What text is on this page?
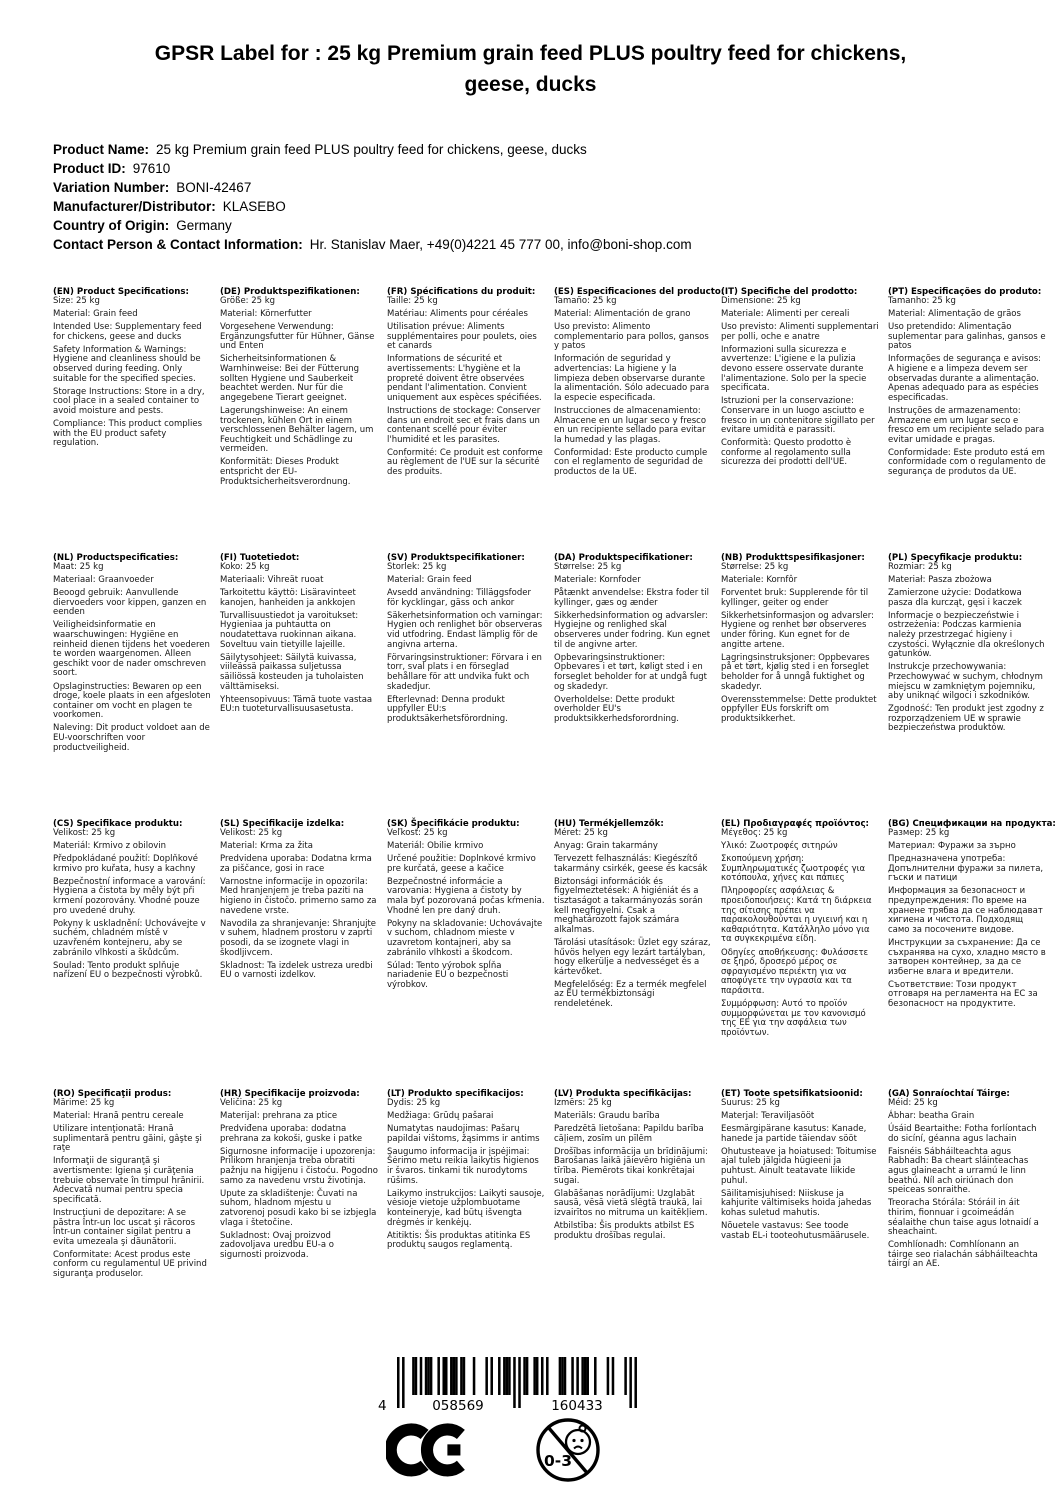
GPSR Label for : 25 kg Premium grain feed PLUS poultry feed for chickens, geese, ducks
Product Name: 25 kg Premium grain feed PLUS poultry feed for chickens, geese, ducks
Product ID: 97610
Variation Number: BONI-42467
Manufacturer/Distributor: KLASEBO
Country of Origin: Germany
Contact Person & Contact Information: Hr. Stanislav Maer, +49(0)4221 45 777 00, info@boni-shop.com
(EN) Product Specifications:

Size: 25 kg

Material: Grain feed

Intended Use: Supplementary feed for chickens, geese and ducks

Safety Information & Warnings: Hygiene and cleanliness should be observed during feeding. Only suitable for the specified species.

Storage Instructions: Store in a dry, cool place in a sealed container to avoid moisture and pests.

Compliance: This product complies with the EU product safety regulation.

(DE) Produktspezifikationen:

Größe: 25 kg

Material: Körnerfutter

Vorgesehene Verwendung: Ergänzungsfutter für Hühner, Gänse und Enten

Sicherheitsinformationen & Warnhinweise: Bei der Fütterung sollten Hygiene und Sauberkeit beachtet werden. Nur für die angegebene Tierart geeignet.

Lagerungshinweise: An einem trockenen, kühlen Ort in einem verschlossenen Behälter lagern, um Feuchtigkeit und Schädlinge zu vermeiden.

Konformität: Dieses Produkt entspricht der EU-Produktsicherheitsverordnung.

(FR) Spécifications du produit:

Taille: 25 kg

Matériau: Aliments pour céréales

Utilisation prévue: Aliments supplémentaires pour poulets, oies et canards

Informations de sécurité et avertissements: L'hygiène et la propreté doivent être observées pendant l'alimentation. Convient uniquement aux espèces spécifiées.

Instructions de stockage: Conserver dans un endroit sec et frais dans un contenant scellé pour éviter l'humidité et les parasites.

Conformité: Ce produit est conforme au règlement de l'UE sur la sécurité des produits.

(ES) Especificaciones del producto:

Tamaño: 25 kg

Material: Alimentación de grano

Uso previsto: Alimento complementario para pollos, gansos y patos

Información de seguridad y advertencias: La higiene y la limpieza deben observarse durante la alimentación. Sólo adecuado para la especie especificada.

Instrucciones de almacenamiento: Almacene en un lugar seco y fresco en un recipiente sellado para evitar la humedad y las plagas.

Conformidad: Este producto cumple con el reglamento de seguridad de productos de la UE.

(IT) Specifiche del prodotto:

Dimensione: 25 kg

Materiale: Alimenti per cereali

Uso previsto: Alimenti supplementari per polli, oche e anatre

Informazioni sulla sicurezza e avvertenze: L'igiene e la pulizia devono essere osservate durante l'alimentazione. Solo per la specie specificata.

Istruzioni per la conservazione: Conservare in un luogo asciutto e fresco in un contenitore sigillato per evitare umidità e parassiti.

Conformità: Questo prodotto è conforme al regolamento sulla sicurezza dei prodotti dell'UE.

(PT) Especificações do produto:

Tamanho: 25 kg

Material: Alimentação de grãos

Uso pretendido: Alimentação suplementar para galinhas, gansos e patos

Informações de segurança e avisos: A higiene e a limpeza devem ser observadas durante a alimentação. Apenas adequado para as espécies especificadas.

Instruções de armazenamento: Armazene em um lugar seco e fresco em um recipiente selado para evitar umidade e pragas.

Conformidade: Este produto está em conformidade com o regulamento de segurança de produtos da UE.

(NL) Productspecificaties:

Maat: 25 kg

Materiaal: Graanvoeder

Beoogd gebruik: Aanvullende diervoeders voor kippen, ganzen en eenden

Veiligheidsinformatie en waarschuwingen: Hygiëne en reinheid dienen tijdens het voederen te worden waargenomen. Alleen geschikt voor de nader omschreven soort.

Opslaginstructies: Bewaren op een droge, koele plaats in een afgesloten container om vocht en plagen te voorkomen.

Naleving: Dit product voldoet aan de EU-voorschriften voor productveiligheid.

(FI) Tuotetiedot:

Koko: 25 kg

Materiaali: Vihreät ruoat

Tarkoitettu käyttö: Lisäravinteet kanojen, hanheiden ja ankkojen

Turvallisuustiedot ja varoitukset: Hygieniaa ja puhtautta on noudatettava ruokinnan aikana. Soveltuu vain tietyille lajeille.

Säilytysohjeet: Säilytä kuivassa, viileässä paikassa suljetussa säiliössä kosteuden ja tuholaisten välttämiseksi.

Yhteensopivuus: Tämä tuote vastaa EU:n tuoteturvallisuusasetusta.

(SV) Produktspecifikationer:

Storlek: 25 kg

Material: Grain feed

Avsedd användning: Tilläggsfoder för kycklingar, gäss och ankor

Säkerhetsinformation och varningar: Hygien och renlighet bör observeras vid utfodring. Endast lämplig för de angivna arterna.

Förvaringsinstruktioner: Förvara i en torr, sval plats i en förseglad behållare för att undvika fukt och skadedjur.

Efterlevnad: Denna produkt uppfyller EU:s produktsäkerhetsförordning.

(DA) Produktspecifikationer:

Størrelse: 25 kg

Materiale: Kornfoder

Påtænkt anvendelse: Ekstra foder til kyllinger, gæs og ænder

Sikkerhedsinformation og advarsler: Hygiejne og renlighed skal observeres under fodring. Kun egnet til de angivne arter.

Opbevaringsinstruktioner: Opbevares i et tørt, køligt sted i en forseglet beholder for at undgå fugt og skadedyr.

Overholdelse: Dette produkt overholder EU's produktsikkerhedsforordning.

(NB) Produkttspesifikasjoner:

Størrelse: 25 kg

Materiale: Kornfôr

Forventet bruk: Supplerende fôr til kyllinger, geiter og ender

Sikkerhetsinformasjon og advarsler: Hygiene og renhet bør observeres under fôring. Kun egnet for de angitte artene.

Lagringsinstruksjoner: Oppbevares på et tørt, kjølig sted i en forseglet beholder for å unngå fuktighet og skadedyr.

Overensstemmelse: Dette produktet oppfyller EUs forskrift om produktsikkerhet.

(PL) Specyfikacje produktu:

Rozmiar: 25 kg

Materiał: Pasza zbożowa

Zamierzone użycie: Dodatkowa pasza dla kurcząt, gęsi i kaczek

Informacje o bezpieczeństwie i ostrzeżenia: Podczas karmienia należy przestrzegać higieny i czystości. Wyłącznie dla określonych gatunków.

Instrukcje przechowywania: Przechowywać w suchym, chłodnym miejscu w zamkniętym pojemniku, aby uniknąć wilgoci i szkodników.

Zgodność: Ten produkt jest zgodny z rozporządzeniem UE w sprawie bezpieczeństwa produktów.

(CS) Specifikace produktu:

Velikost: 25 kg

Materiál: Krmivo z obilovin

Předpokládané použití: Doplňkové krmivo pro kuřata, husy a kachny

Bezpečnostní informace a varování: Hygiena a čistota by měly být při krmení pozorovány. Vhodné pouze pro uvedené druhy.

Pokyny k uskladnění: Uchovávejte v suchém, chladném místě v uzavřeném kontejneru, aby se zabránilo vlhkosti a škůdcům.

Soulad: Tento produkt splňuje nařízení EU o bezpečnosti výrobků.

(SL) Specifikacije izdelka:

Velikost: 25 kg

Material: Krma za žita

Predvidena uporaba: Dodatna krma za piščance, gosi in race

Varnostne informacije in opozorila: Med hranjenjem je treba paziti na higieno in čistočo. primerno samo za navedene vrste.

Navodila za shranjevanje: Shranjujte v suhem, hladnem prostoru v zaprti posodi, da se izognete vlagi in škodljivcem.

Skladnost: Ta izdelek ustreza uredbi EU o varnosti izdelkov.

(SK) Špecifikácie produktu:

Veľkosť: 25 kg

Materiál: Obilie krmivo

Určené použitie: Doplnkové krmivo pre kurčatá, geese a kačice

Bezpečnostné informácie a varovania: Hygiena a čistoty by mala byť pozorovaná počas kŕmenia. Vhodné len pre daný druh.

Pokyny na skladovanie: Uchovávajte v suchom, chladnom mieste v uzavretom kontajneri, aby sa zabránilo vlhkosti a škodcom.

Súlad: Tento výrobok spĺňa nariadenie EÚ o bezpečnosti výrobkov.

(HU) Termékjellemzők:

Méret: 25 kg

Anyag: Grain takarmány

Tervezett felhasználás: Kiegészítő takarmány csirkék, geese és kacsák

Biztonsági információk és figyelmeztetések: A higiéniát és a tisztaságot a takarmányozás során kell megfigyelni. Csak a meghatározott fajok számára alkalmas.

Tárolási utasítások: Üzlet egy száraz, hűvös helyen egy lezárt tartályban, hogy elkerülje a nedvességet és a kártevőket.

Megfelelőség: Ez a termék megfelel az EU termékbiztonsági rendeletének.

(EL) Προδιαγραφές προϊόντος:

Μέγεθος: 25 kg

Υλικό: Ζωοτροφές σιτηρών

Σκοπούμενη χρήση: Συμπληρωματικές ζωοτροφές για κοτόπουλα, χήνες και πάπιες

Πληροφορίες ασφάλειας & προειδοποιήσεις: Κατά τη διάρκεια της σίτισης πρέπει να παρακολουθούνται η υγιεινή και η καθαριότητα. Κατάλληλο μόνο για τα συγκεκριμένα είδη.

Οδηγίες αποθήκευσης: Φυλάσσετε σε ξηρό, δροσερό μέρος σε σφραγισμένο περιέκτη για να αποφύγετε την υγρασία και τα παράσιτα.

Συμμόρφωση: Αυτό το προϊόν συμμορφώνεται με τον κανονισμό της ΕΕ για την ασφάλεια των προϊόντων.

(BG) Спецификации на продукта:

Размер: 25 kg

Материал: Фуражи за зърно

Предназначена употреба: Допълнителни фуражи за пилета, гъски и патици

Информация за безопасност и предупреждения: По време на хранене трябва да се наблюдават хигиена и чистота. Подходящ само за посочените видове.

Инструкции за съхранение: Да се съхранява на сухо, хладно място в затворен контейнер, за да се избегне влага и вредители.

Съответствие: Този продукт отговаря на регламента на ЕС за безопасност на продуктите.

(RO) Specificaţii produs:

Mărime: 25 kg

Material: Hrană pentru cereale

Utilizare intenţionată: Hrană suplimentară pentru găini, gâşte şi raţe

Informaţii de siguranţă şi avertismente: Igiena şi curăţenia trebuie observate în timpul hrănirii. Adecvată numai pentru specia specificată.

Instrucţiuni de depozitare: A se păstra într-un loc uscat şi răcoros într-un container sigilat pentru a evita umezeala şi dăunătorii.

Conformitate: Acest produs este conform cu regulamentul UE privind siguranţa produselor.

(HR) Specifikacije proizvoda:

Veličina: 25 kg

Materijal: prehrana za ptice

Predviđena uporaba: dodatna prehrana za kokoši, guske i patke

Sigurnosne informacije i upozorenja: Prilikom hranjenja treba obratiti pažnju na higijenu i čistoću. Pogodno samo za navedenu vrstu životinja.

Upute za skladištenje: Čuvati na suhom, hladnom mjestu u zatvorenoj posudi kako bi se izbjegla vlaga i štetočine.

Sukladnost: Ovaj proizvod zadovoljava uredbu EU-a o sigurnosti proizvoda.

(LT) Produkto specifikacijos:

Dydis: 25 kg

Medžiaga: Grūdų pašarai

Numatytas naudojimas: Pašarų papildai vištoms, žąsimms ir antims

Saugumo informacija ir įspėjimai: Šėrimo metu reikia laikytis higienos ir švaros. tinkami tik nurodytoms rūšims.

Laikymo instrukcijos: Laikyti sausoje, vėsioje vietoje užplombuotame konteineryje, kad būtų išvengta drėgmės ir kenkėjų.

Atitiktis: Šis produktas atitinka ES produktų saugos reglamentą.

(LV) Produkta specifikācijas:

Izmērs: 25 kg

Materiāls: Graudu barība

Paredzētā lietošana: Papildu barība cāļiem, zosīm un pīlēm

Drošības informācija un brīdinājumi: Barošanas laikā jāievēro higiēna un tīrība. Piemērots tikai konkrētajai sugai.

Glabāšanas norādījumi: Uzglabāt sausā, vēsā vietā slēgtā traukā, lai izvairītos no mitruma un kaitēkļiem.

Atbilstība: Šis produkts atbilst ES produktu drošības regulai.

(ET) Toote spetsifikatsioonid:

Suurus: 25 kg

Materjal: Teraviljasööt

Eesmärgipärane kasutus: Kanade, hanede ja partide täiendav sööt

Ohutusteave ja hoiatused: Toitumise ajal tuleb jälgida hügieeni ja puhtust. Ainult teatavate liikide puhul.

Säilitamisjuhised: Niiskuse ja kahjurite vältimiseks hoida jahedas kohas suletud mahutis.

Nõuetele vastavus: See toode vastab EL-i tooteohutusmäärusele.

(GA) Sonraíochtaí Táirge:

Méid: 25 kg

Ábhar: beatha Grain

Úsáid Beartaithe: Fotha forlíontach do sicíní, géanna agus lachain

Faisnéis Sábháilteachta agus Rabhadh: Ba cheart sláinteachas agus glaineacht a urramú le linn beathú. Níl ach oiriúnach don speiceas sonraithe.

Treoracha Stórála: Stóráil in áit thirim, fionnuar i gcoimeádán séalaithe chun taise agus lotnaidí a sheachaint.

Comhlíonadh: Comhlíonann an táirge seo rialachán sábháilteachta táirgí an AE.

4	058569	160433
0-3
